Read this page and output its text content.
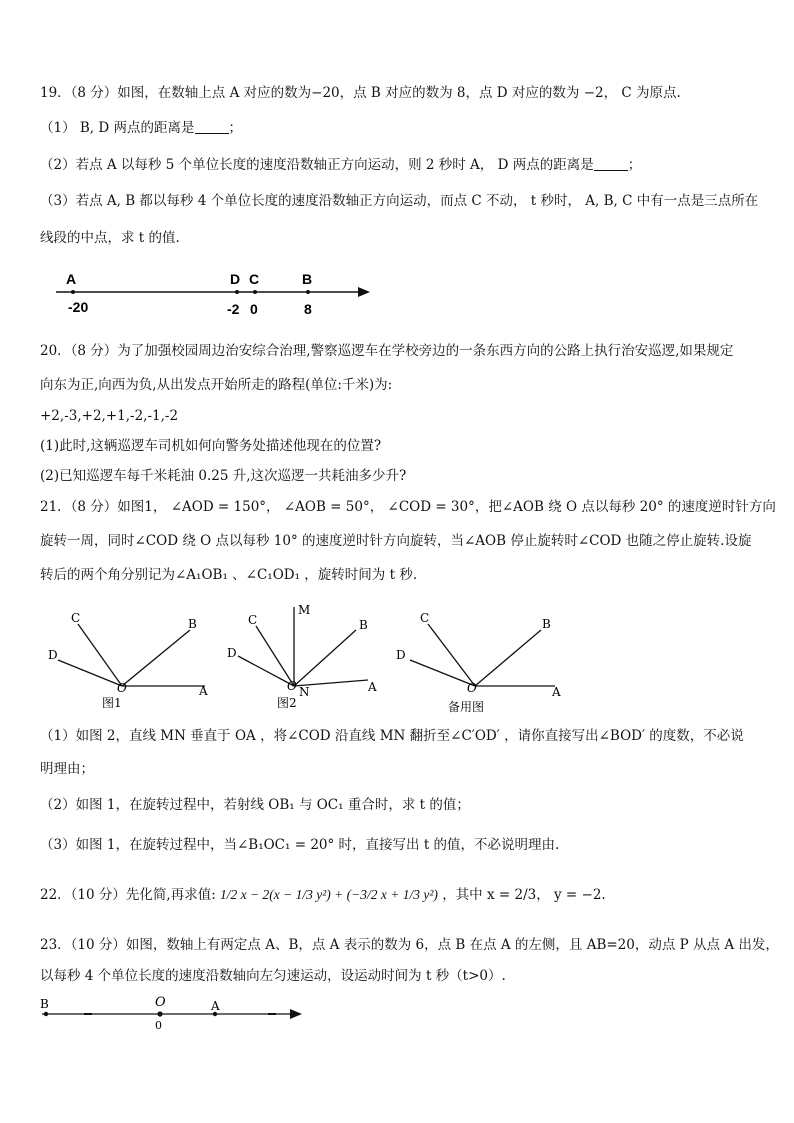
19．（8 分）如图，在数轴上点 A 对应的数为−20，点 B 对应的数为 8，点 D 对应的数为 −2， C 为原点.
（1） B, D 两点的距离是	；
（2）若点 A 以每秒 5 个单位长度的速度沿数轴正方向运动，则 2 秒时 A， D 两点的距离是	；
（3）若点 A, B 都以每秒 4 个单位长度的速度沿数轴正方向运动，而点 C 不动， t 秒时， A, B, C 中有一点是三点所在
线段的中点，求 t 的值.
A	D C	B
-20	-2 0	8
20．（8 分）为了加强校园周边治安综合治理,警察巡逻车在学校旁边的一条东西方向的公路上执行治安巡逻,如果规定
向东为正,向西为负,从出发点开始所走的路程(单位:千米)为:
+2,-3,+2,+1,-2,-1,-2
(1)此时,这辆巡逻车司机如何向警务处描述他现在的位置?
(2)已知巡逻车每千米耗油 0.25 升,这次巡逻一共耗油多少升?
21．（8 分）如图1， ∠AOD = 150°， ∠AOB = 50°， ∠COD = 30°，把∠AOB 绕 O 点以每秒 20° 的速度逆时针方向
旋转一周，同时∠COD 绕 O 点以每秒 10° 的速度逆时针方向旋转，当∠AOB 停止旋转时∠COD 也随之停止旋转.设旋
转后的两个角分别记为∠A₁OB₁ 、∠C₁OD₁ ，旋转时间为 t 秒.
C	B
D
O	A
图1
M
C	B
D
O N	A
图2
C	B
D
O	A
备用图
（1）如图 2，直线 MN 垂直于 OA ，将∠COD 沿直线 MN 翻折至∠C′OD′ ，请你直接写出∠BOD′ 的度数，不必说
明理由；
（2）如图 1，在旋转过程中，若射线 OB₁ 与 OC₁ 重合时，求 t 的值；
（3）如图 1，在旋转过程中，当∠B₁OC₁ = 20° 时，直接写出 t 的值，不必说明理由.
22．（10 分）先化简,再求值: 1/2 x − 2(x − 1/3 y²) + (−3/2 x + 1/3 y²) ，其中 x = 2/3， y = −2.
23．（10 分）如图，数轴上有两定点 A、B，点 A 表示的数为 6，点 B 在点 A 的左侧，且 AB=20，动点 P 从点 A 出发，
以每秒 4 个单位长度的速度沿数轴向左匀速运动，设运动时间为 t 秒（t>0）.
B	O	A
0
